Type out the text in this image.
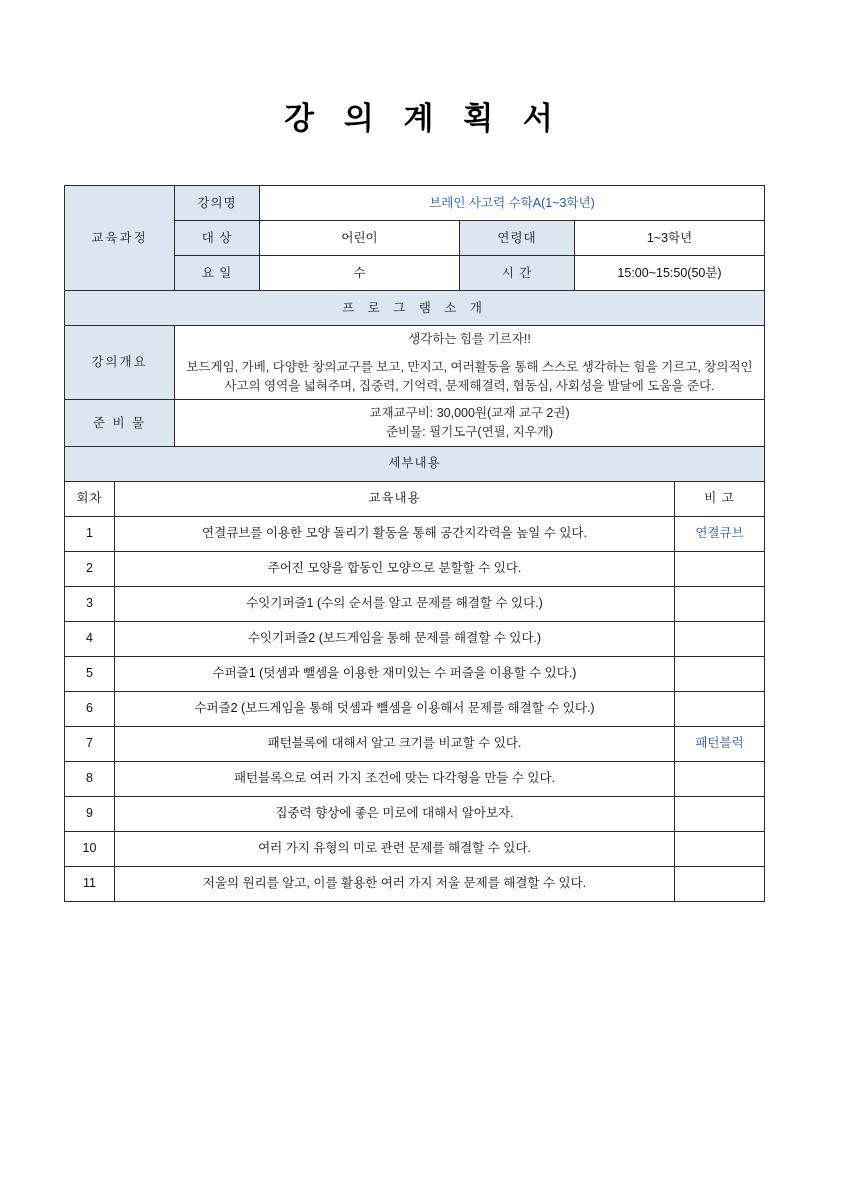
강 의 계 획 서
교육과정	강의명	브레인 사고력 수학A(1~3학년)		
	대 상	어린이	연령대	1~3학년
	요 일	수	시 간	15:00~15:50(50분)
프 로 그 램 소 개				
강의개요	생각하는 힘를 기르자!!
보드게임, 가베, 다양한 창의교구를 보고, 만지고, 여러활동을 통해 스스로 생각하는 힘을 기르고, 창의적인 사고의 영역을 넓혀주며, 집중력, 기억력, 문제해결력, 협동심, 사회성을 발달에 도움을 준다.			
준 비 물	교재교구비: 30,000원(교재 교구 2권)
준비물: 필기도구(연필, 지우개)			
세부내용		
회차	교육내용	비 고
1	연결큐브를 이용한 모양 돌리기 활동을 통해 공간지각력을 높일 수 있다.	연결큐브
2	주어진 모양을 합동인 모양으로 분할할 수 있다.	
3	수잇기퍼즐1 (수의 순서를 알고 문제를 해결할 수 있다.)	
4	수잇기퍼즐2 (보드게임을 통해 문제를 해결할 수 있다.)	
5	수퍼즐1 (덧셈과 뺄셈을 이용한 재미있는 수 퍼즐을 이용할 수 있다.)	
6	수퍼즐2 (보드게임을 통해 덧셈과 뺄셈을 이용해서 문제를 해결할 수 있다.)	
7	패턴블록에 대해서 알고 크기를 비교할 수 있다.	패턴블럭
8	패턴블록으로 여러 가지 조건에 맞는 다각형을 만들 수 있다.	
9	집중력 향상에 좋은 미로에 대해서 알아보자.	
10	여러 가지 유형의 미로 관련 문제를 해결할 수 있다.	
11	저울의 원리를 알고, 이를 활용한 여러 가지 저울 문제를 해결할 수 있다.	
